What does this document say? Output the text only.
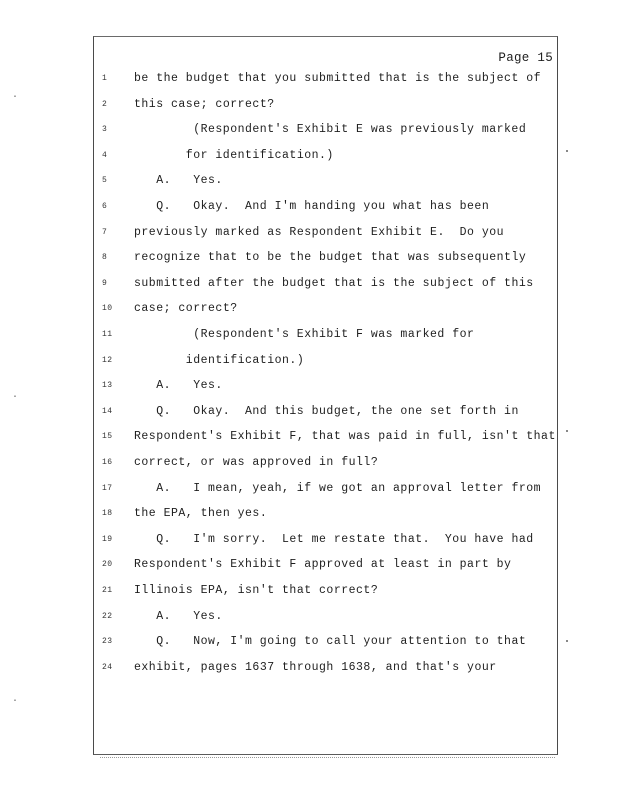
Page 15
1	be the budget that you submitted that is the subject of
2	this case; correct?
3	(Respondent's Exhibit E was previously marked
4	for identification.)
5	A.   Yes.
6	Q.   Okay.  And I'm handing you what has been
7	previously marked as Respondent Exhibit E.  Do you
8	recognize that to be the budget that was subsequently
9	submitted after the budget that is the subject of this
10	case; correct?
11	(Respondent's Exhibit F was marked for
12	identification.)
13	A.   Yes.
14	Q.   Okay.  And this budget, the one set forth in
15	Respondent's Exhibit F, that was paid in full, isn't that
16	correct, or was approved in full?
17	A.   I mean, yeah, if we got an approval letter from
18	the EPA, then yes.
19	Q.   I'm sorry.  Let me restate that.  You have had
20	Respondent's Exhibit F approved at least in part by
21	Illinois EPA, isn't that correct?
22	A.   Yes.
23	Q.   Now, I'm going to call your attention to that
24	exhibit, pages 1637 through 1638, and that's your
·
·
·
